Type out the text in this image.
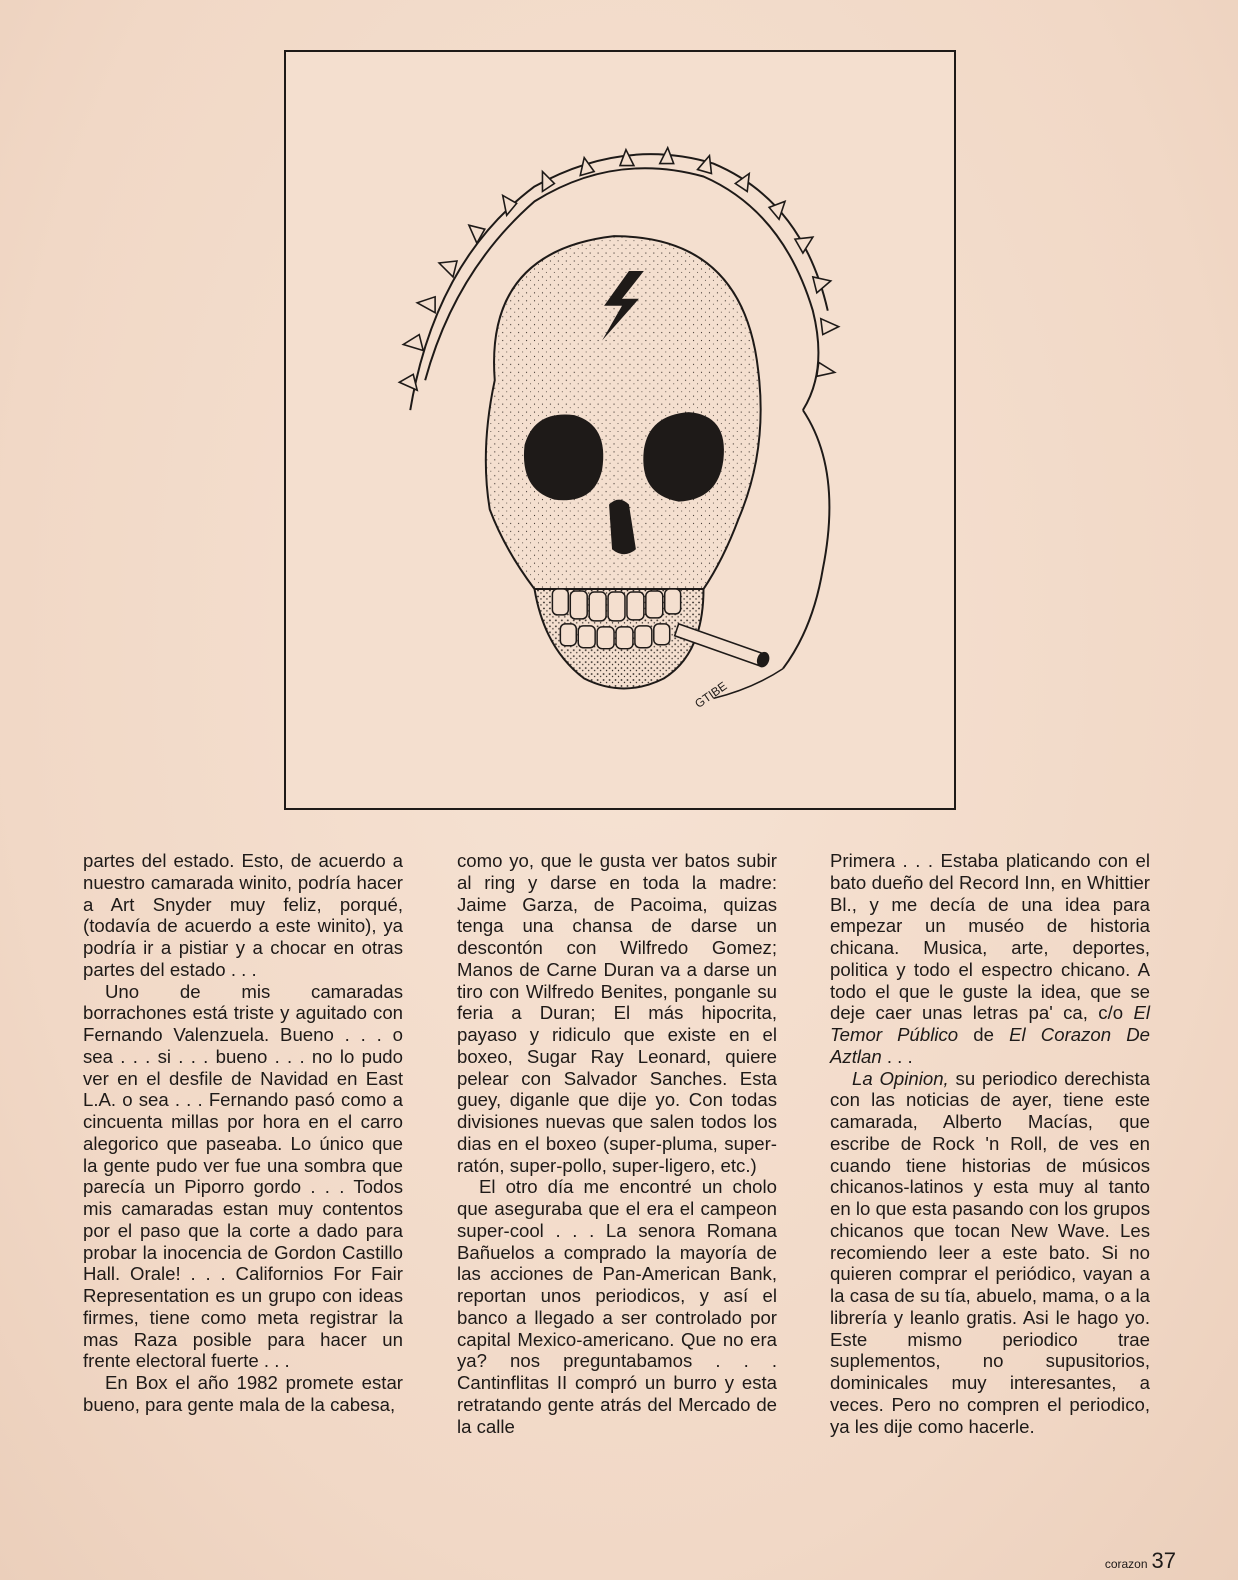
GTIBE

partes del estado. Esto, de acuerdo a nuestro camarada winito, podría hacer a Art Snyder muy feliz, porqué, (todavía de acuerdo a este winito), ya podría ir a pistiar y a chocar en otras partes del estado . . .

Uno de mis camaradas borrachones está triste y aguitado con Fernando Valenzuela. Bueno . . . o sea . . . si . . . bueno . . . no lo pudo ver en el desfile de Navidad en East L.A. o sea . . . Fernando pasó como a cincuenta millas por hora en el carro alegorico que paseaba. Lo único que la gente pudo ver fue una sombra que parecía un Piporro gordo . . . Todos mis camaradas estan muy contentos por el paso que la corte a dado para probar la inocencia de Gordon Castillo Hall. Orale! . . . Californios For Fair Representation es un grupo con ideas firmes, tiene como meta registrar la mas Raza posible para hacer un frente electoral fuerte . . .

En Box el año 1982 promete estar bueno, para gente mala de la cabesa,

como yo, que le gusta ver batos subir al ring y darse en toda la madre: Jaime Garza, de Pacoima, quizas tenga una chansa de darse un descontón con Wilfredo Gomez; Manos de Carne Duran va a darse un tiro con Wilfredo Benites, ponganle su feria a Duran; El más hipocrita, payaso y ridiculo que existe en el boxeo, Sugar Ray Leonard, quiere pelear con Salvador Sanches. Esta guey, diganle que dije yo. Con todas divisiones nuevas que salen todos los dias en el boxeo (super-pluma, super-ratón, super-pollo, super-ligero, etc.)

El otro día me encontré un cholo que aseguraba que el era el campeon super-cool . . . La senora Romana Bañuelos a comprado la mayoría de las acciones de Pan-American Bank, reportan unos periodicos, y así el banco a llegado a ser controlado por capital Mexico-americano. Que no era ya? nos preguntabamos . . . Cantinflitas II compró un burro y esta retratando gente atrás del Mercado de la calle

Primera . . . Estaba platicando con el bato dueño del Record Inn, en Whittier Bl., y me decía de una idea para empezar un muséo de historia chicana. Musica, arte, deportes, politica y todo el espectro chicano. A todo el que le guste la idea, que se deje caer unas letras pa' ca, c/o El Temor Público de El Corazon De Aztlan . . .

La Opinion, su periodico derechista con las noticias de ayer, tiene este camarada, Alberto Macías, que escribe de Rock 'n Roll, de ves en cuando tiene historias de músicos chicanos-latinos y esta muy al tanto en lo que esta pasando con los grupos chicanos que tocan New Wave. Les recomiendo leer a este bato. Si no quieren comprar el periódico, vayan a la casa de su tía, abuelo, mama, o a la librería y leanlo gratis. Asi le hago yo. Este mismo periodico trae suplementos, no supusitorios, dominicales muy interesantes, a veces. Pero no compren el periodico, ya les dije como hacerle.

corazon 37
